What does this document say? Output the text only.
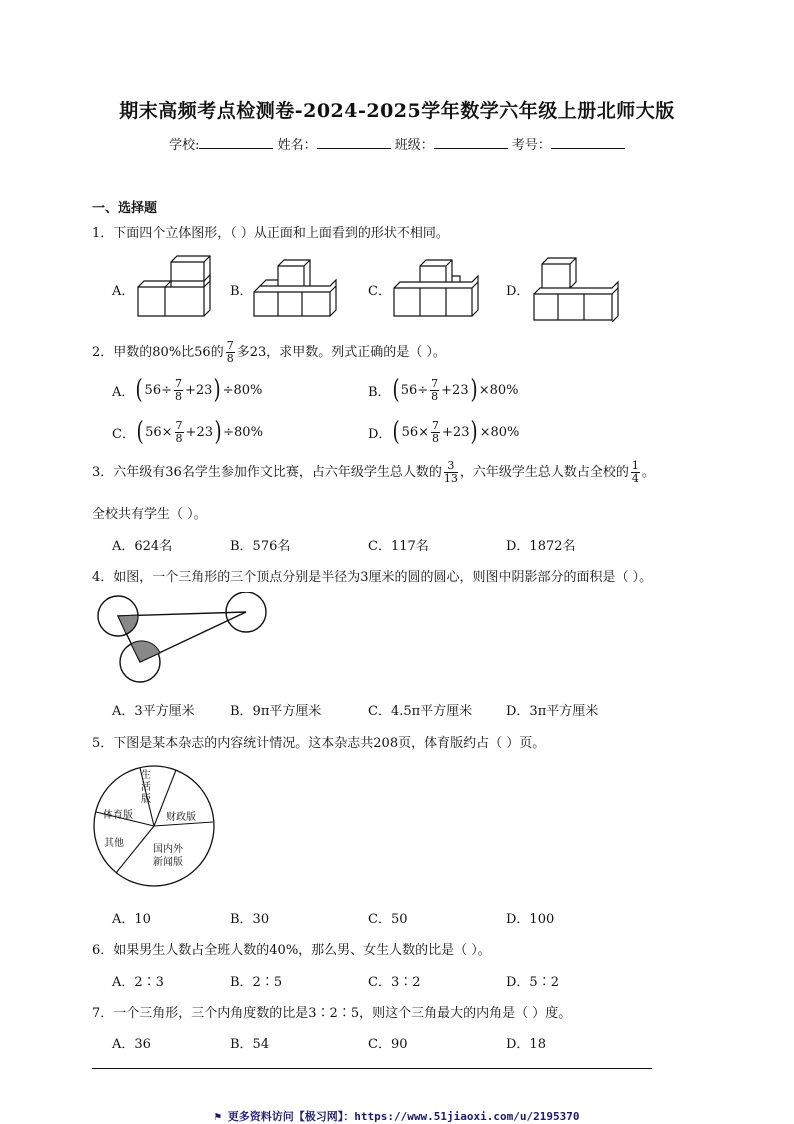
期末高频考点检测卷-2024-2025学年数学六年级上册北师大版
学校:	姓名：	班级：	考号：
一、选择题
1．下面四个立体图形，（ ）从正面和上面看到的形状不相同。
A．	B．	C．	D．
2．甲数的80%比56的 $\frac{7}{8}$ 多23，求甲数。列式正确的是（ ）。
A． ( $56\div \frac{7}{8} +23$ ) ÷80%	B． ( $56\div \frac{7}{8} +23$ ) ×80%
C． ( $56\times \frac{7}{8} +23$ ) ÷80%	D． ( $56\times \frac{7}{8} +23$ ) ×80%
3．六年级有36名学生参加作文比赛，占六年级学生总人数的 $\frac{3}{13}$ ，六年级学生总人数占全校的 $\frac{1}{4}$ 。
全校共有学生（ ）。
A．624名	B．576名	C．117名	D．1872名
4．如图，一个三角形的三个顶点分别是半径为3厘米的圆的圆心，则图中阴影部分的面积是（ ）。
A．3平方厘米	B．9π平方厘米	C．4.5π平方厘米	D．3π平方厘米
5．下图是某本杂志的内容统计情况。这本杂志共208页，体育版约占（ ）页。
生
活
版
财政版
体育版
其他
国内外
新闻版
A．10	B．30	C．50	D．100
6．如果男生人数占全班人数的40%，那么男、女生人数的比是（ ）。
A．2∶3	B．2∶5	C．3∶2	D．5∶2
7．一个三角形，三个内角度数的比是3∶2∶5，则这个三角最大的内角是（ ）度。
A．36	B．54	C．90	D．18
⚑ 更多资料访问【极习网】：https://www.51jiaoxi.com/u/2195370
